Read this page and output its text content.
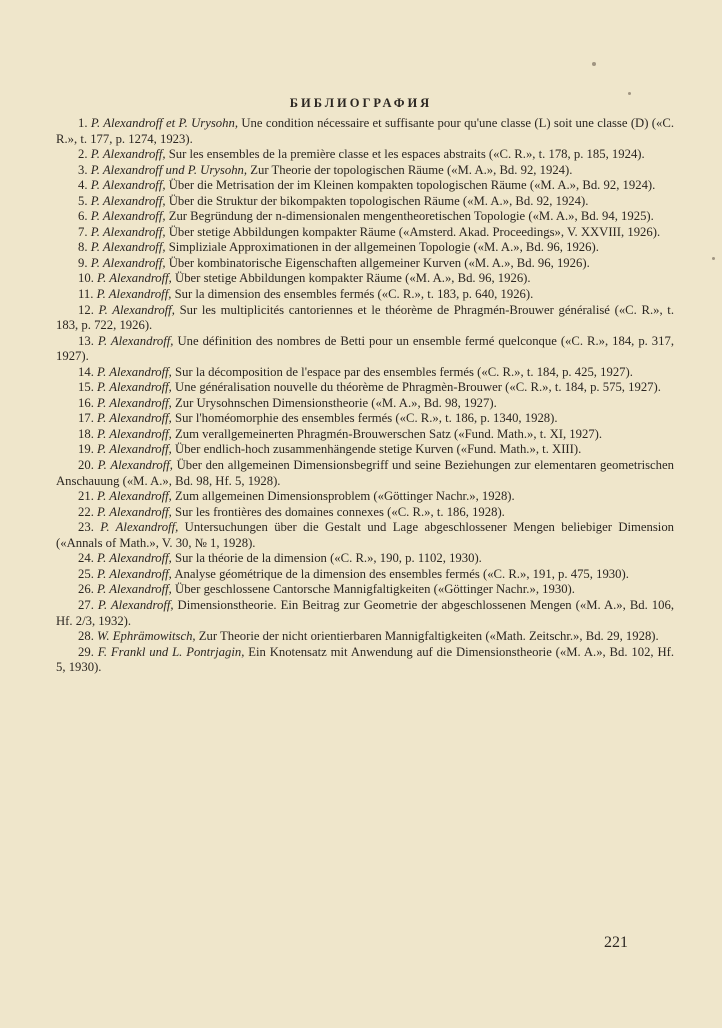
БИБЛИОГРАФИЯ

1. P. Alexandroff et P. Urysohn, Une condition nécessaire et suffisante pour qu'une classe (L) soit une classe (D) («C. R.», t. 177, p. 1274, 1923).

2. P. Alexandroff, Sur les ensembles de la première classe et les espaces abstraits («C. R.», t. 178, p. 185, 1924).

3. P. Alexandroff und P. Urysohn, Zur Theorie der topologischen Räume («M. A.», Bd. 92, 1924).

4. P. Alexandroff, Über die Metrisation der im Kleinen kompakten topologischen Räume («M. A.», Bd. 92, 1924).

5. P. Alexandroff, Über die Struktur der bikompakten topologischen Räume («M. A.», Bd. 92, 1924).

6. P. Alexandroff, Zur Begründung der n-dimensionalen mengentheoretischen Topologie («M. A.», Bd. 94, 1925).

7. P. Alexandroff, Über stetige Abbildungen kompakter Räume («Amsterd. Akad. Proceedings», V. XXVIII, 1926).

8. P. Alexandroff, Simpliziale Approximationen in der allgemeinen Topologie («M. A.», Bd. 96, 1926).

9. P. Alexandroff, Über kombinatorische Eigenschaften allgemeiner Kurven («M. A.», Bd. 96, 1926).

10. P. Alexandroff, Über stetige Abbildungen kompakter Räume («M. A.», Bd. 96, 1926).

11. P. Alexandroff, Sur la dimension des ensembles fermés («C. R.», t. 183, p. 640, 1926).

12. P. Alexandroff, Sur les multiplicités cantoriennes et le théorème de Phragmén-Brouwer généralisé («C. R.», t. 183, p. 722, 1926).

13. P. Alexandroff, Une définition des nombres de Betti pour un ensemble fermé quelconque («C. R.», 184, p. 317, 1927).

14. P. Alexandroff, Sur la décomposition de l'espace par des ensembles fermés («C. R.», t. 184, p. 425, 1927).

15. P. Alexandroff, Une généralisation nouvelle du théorème de Phragmèn-Brouwer («C. R.», t. 184, p. 575, 1927).

16. P. Alexandroff, Zur Urysohnschen Dimensionstheorie («M. A.», Bd. 98, 1927).

17. P. Alexandroff, Sur l'homéomorphie des ensembles fermés («C. R.», t. 186, p. 1340, 1928).

18. P. Alexandroff, Zum verallgemeinerten Phragmén-Brouwerschen Satz («Fund. Math.», t. XI, 1927).

19. P. Alexandroff, Über endlich-hoch zusammenhängende stetige Kurven («Fund. Math.», t. XIII).

20. P. Alexandroff, Über den allgemeinen Dimensionsbegriff und seine Beziehungen zur elementaren geometrischen Anschauung («M. A.», Bd. 98, Hf. 5, 1928).

21. P. Alexandroff, Zum allgemeinen Dimensionsproblem («Göttinger Nachr.», 1928).

22. P. Alexandroff, Sur les frontières des domaines connexes («C. R.», t. 186, 1928).

23. P. Alexandroff, Untersuchungen über die Gestalt und Lage abgeschlossener Mengen beliebiger Dimension («Annals of Math.», V. 30, № 1, 1928).

24. P. Alexandroff, Sur la théorie de la dimension («C. R.», 190, p. 1102, 1930).

25. P. Alexandroff, Analyse géométrique de la dimension des ensembles fermés («C. R.», 191, p. 475, 1930).

26. P. Alexandroff, Über geschlossene Cantorsche Mannigfaltigkeiten («Göttinger Nachr.», 1930).

27. P. Alexandroff, Dimensionstheorie. Ein Beitrag zur Geometrie der abgeschlossenen Mengen («M. A.», Bd. 106, Hf. 2/3, 1932).

28. W. Ephrämowitsch, Zur Theorie der nicht orientierbaren Mannigfaltigkeiten («Math. Zeitschr.», Bd. 29, 1928).

29. F. Frankl und L. Pontrjagin, Ein Knotensatz mit Anwendung auf die Dimensionstheorie («M. A.», Bd. 102, Hf. 5, 1930).

221
